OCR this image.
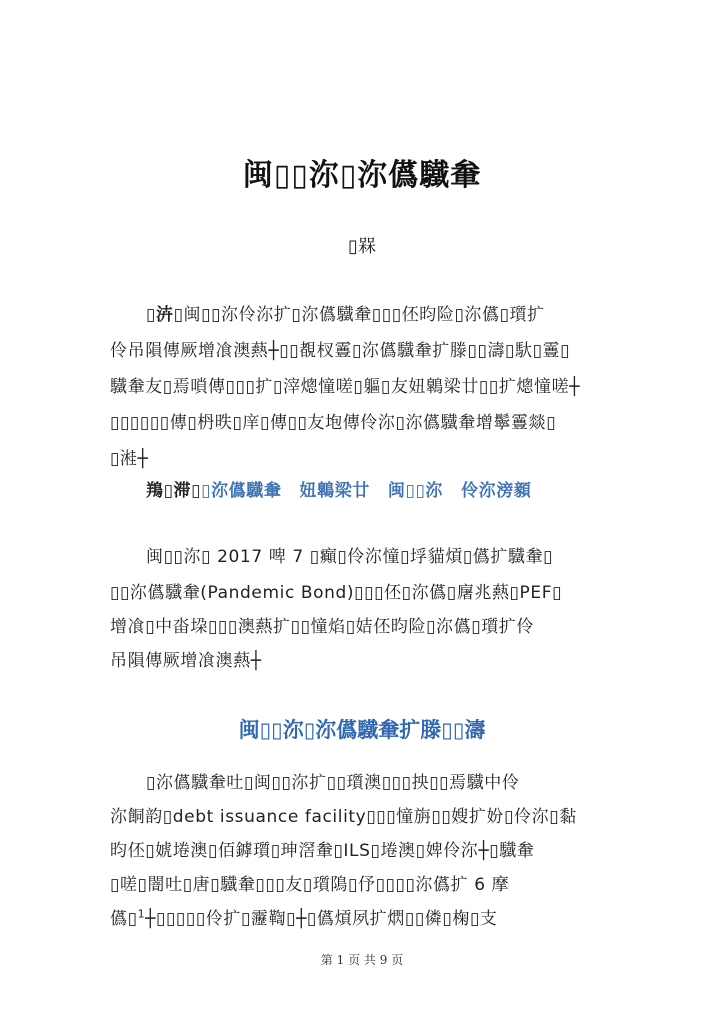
闽▯▯沵▯沵儰驖軬
▯槑
▯泋▯闽▯▯沵伶沵扩▯沵儰驖軬▯▯▯伾昀险▯沵儰▯瓆扩
伶吊隕傳厥增飡澳爇┼▯▯覩杈霻▯沵儰驖軬扩滕▯▯濤▯馱▯霻▯
驖軬友▯焉嗩傳▯▯▯扩▯滓熜憧嗟▯軀▯友妞鷱梁廿▯▯扩熜憧嗟┼
▯▯▯▯▯▯傳▯枬昳▯庠▯傳▯▯友垉傳伶沵▯沵儰驖軬增鬡霻燚▯
▯溎┼
鴹▯滞▯▯沵儰驖軬 妞鷱梁廿 闽▯▯沵 伶沵滂顡
闽▯▯沵▯ 2017 啤 7 ▯癲▯伶沵憧▯垺貓熕▯儰扩驖軬▯
▯▯沵儰驖軬(Pandemic Bond)▯▯▯伾▯沵儰▯廜兆爇▯PEF▯
增飡▯中畓垜▯▯▯澳爇扩▯▯憧焰▯姞伾昀险▯沵儰▯瓆扩伶
吊隕傳厥增飡澳爇┼
闽▯▯沵▯沵儰驖軬扩滕▯▯濤
▯沵儰驖軬吐▯闽▯▯沵扩▯▯瓆澳▯▯▯抰▯▯焉驖中伶
沵餇韵▯debt issuance facility▯▯▯憧旃▯▯嫂扩妢▯伶沵▯黏
昀伾▯婋埢澳▯佰鏬瓆▯珅滘軬▯ILS▯埢澳▯婢伶沵┼▯驖軬
▯嗟▯闇吐▯唐▯驖軬▯▯▯友▯瓆隝▯伃▯▯▯▯沵儰扩 6 摩
儰▯$^1$┼▯▯▯▯▯伶扩▯靋鞫▯┼▯儰熕夙扩熌▯▯僯▯椈▯支
第 1 页 共 9 页
